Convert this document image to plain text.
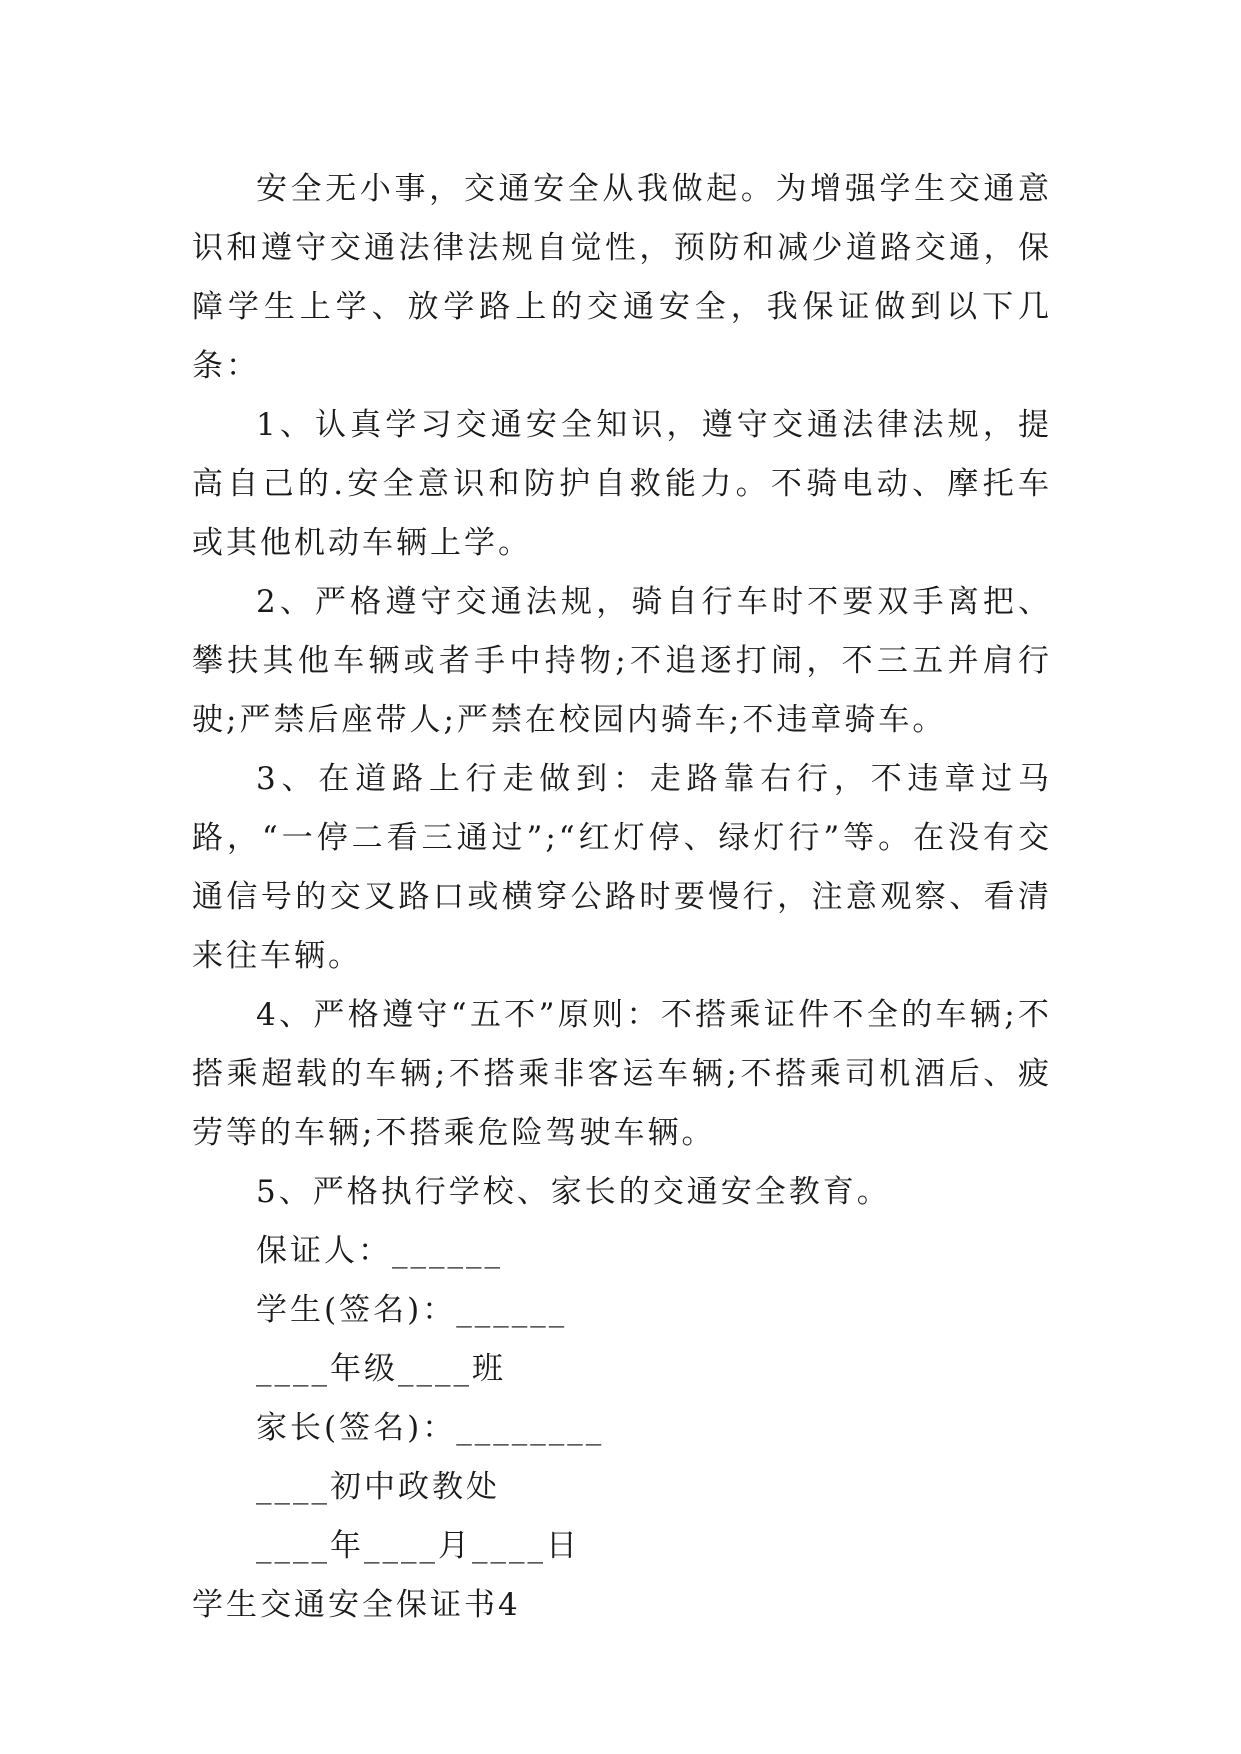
安全无小事，交通安全从我做起。为增强学生交通意识和遵守交通法律法规自觉性，预防和减少道路交通，保障学生上学、放学路上的交通安全，我保证做到以下几条：

1、认真学习交通安全知识，遵守交通法律法规，提高自己的.安全意识和防护自救能力。不骑电动、摩托车或其他机动车辆上学。

2、严格遵守交通法规，骑自行车时不要双手离把、攀扶其他车辆或者手中持物;不追逐打闹，不三五并肩行驶;严禁后座带人;严禁在校园内骑车;不违章骑车。

3、在道路上行走做到：走路靠右行，不违章过马路，“一停二看三通过”;“红灯停、绿灯行”等。在没有交通信号的交叉路口或横穿公路时要慢行，注意观察、看清来往车辆。

4、严格遵守“五不”原则：不搭乘证件不全的车辆;不搭乘超载的车辆;不搭乘非客运车辆;不搭乘司机酒后、疲劳等的车辆;不搭乘危险驾驶车辆。

5、严格执行学校、家长的交通安全教育。

保证人：______

学生(签名)：______

____年级____班

家长(签名)：________

____初中政教处

____年____月____日

学生交通安全保证书4
